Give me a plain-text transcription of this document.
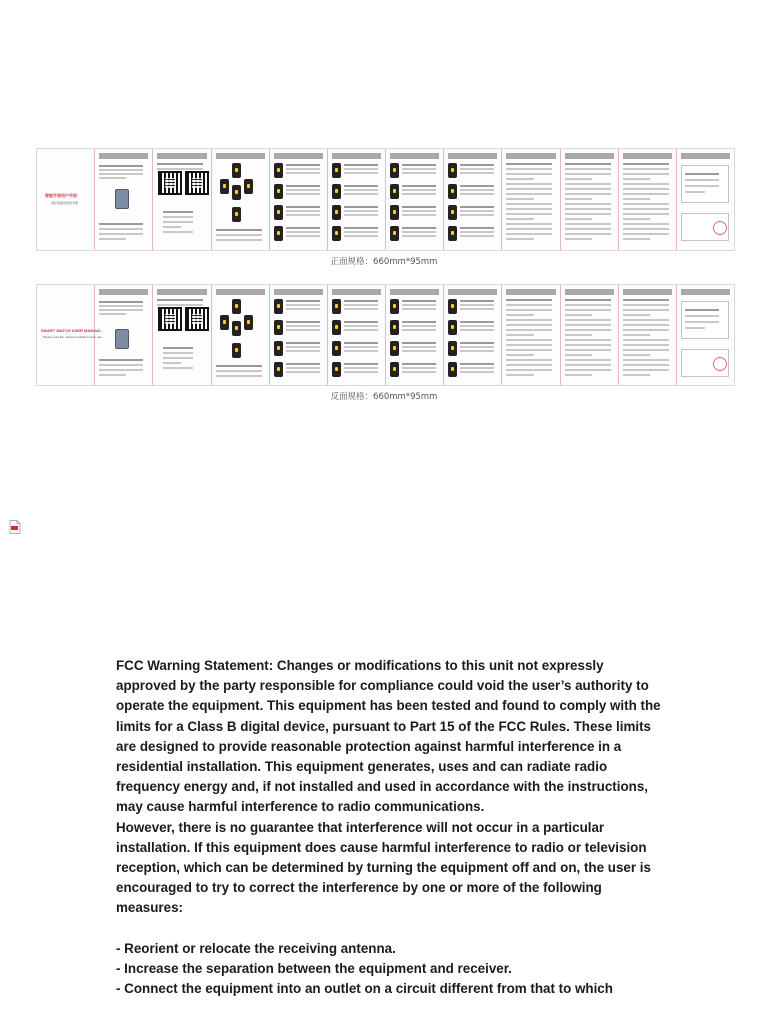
智能手表用户手册
请仔细阅读使用手册
正面规格：660mm*95mm
SMART WATCH USER MANUAL
Please read the manual carefully before use
反面规格：660mm*95mm

FCC Warning Statement: Changes or modifications to this unit not expressly approved by the party responsible for compliance could void the user’s authority to operate the equipment. This equipment has been tested and found to comply with the limits for a Class B digital device, pursuant to Part 15 of the FCC Rules. These limits are designed to provide reasonable protection against harmful interference in a residential installation. This equipment generates, uses and can radiate radio frequency energy and, if not installed and used in accordance with the instructions, may cause harmful interference to radio communications.

However, there is no guarantee that interference will not occur in a particular installation. If this equipment does cause harmful interference to radio or television reception, which can be determined by turning the equipment off and on, the user is encouraged to try to correct the interference by one or more of the following measures:

- Reorient or relocate the receiving antenna.

- Increase the separation between the equipment and receiver.

- Connect the equipment into an outlet on a circuit different from that to which
